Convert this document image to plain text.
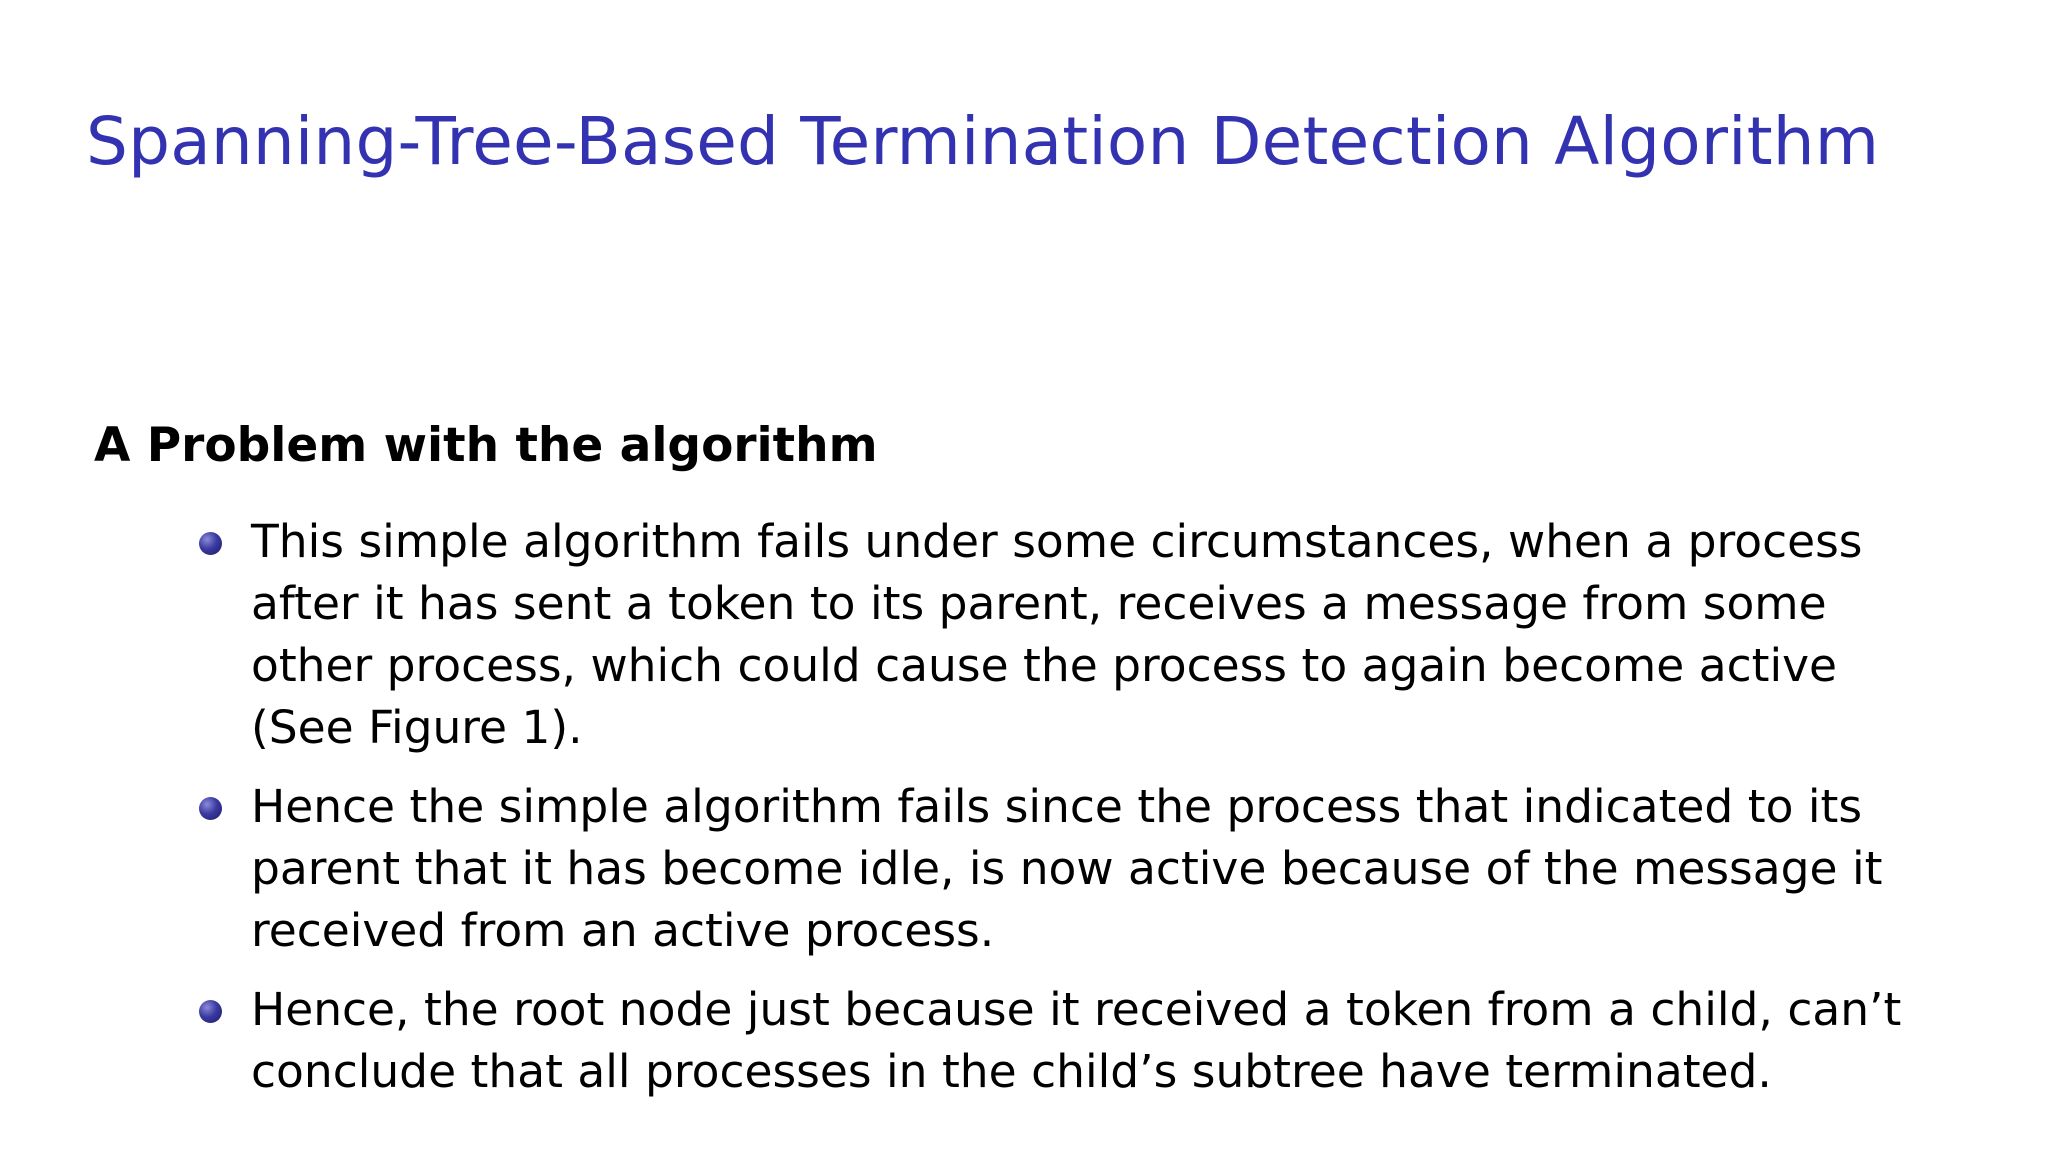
Spanning-Tree-Based Termination Detection Algorithm
A Problem with the algorithm
This simple algorithm fails under some circumstances, when a process after it has sent a token to its parent, receives a message from some other process, which could cause the process to again become active (See Figure 1).
Hence the simple algorithm fails since the process that indicated to its parent that it has become idle, is now active because of the message it received from an active process.
Hence, the root node just because it received a token from a child, can’t conclude that all processes in the child’s subtree have terminated.
